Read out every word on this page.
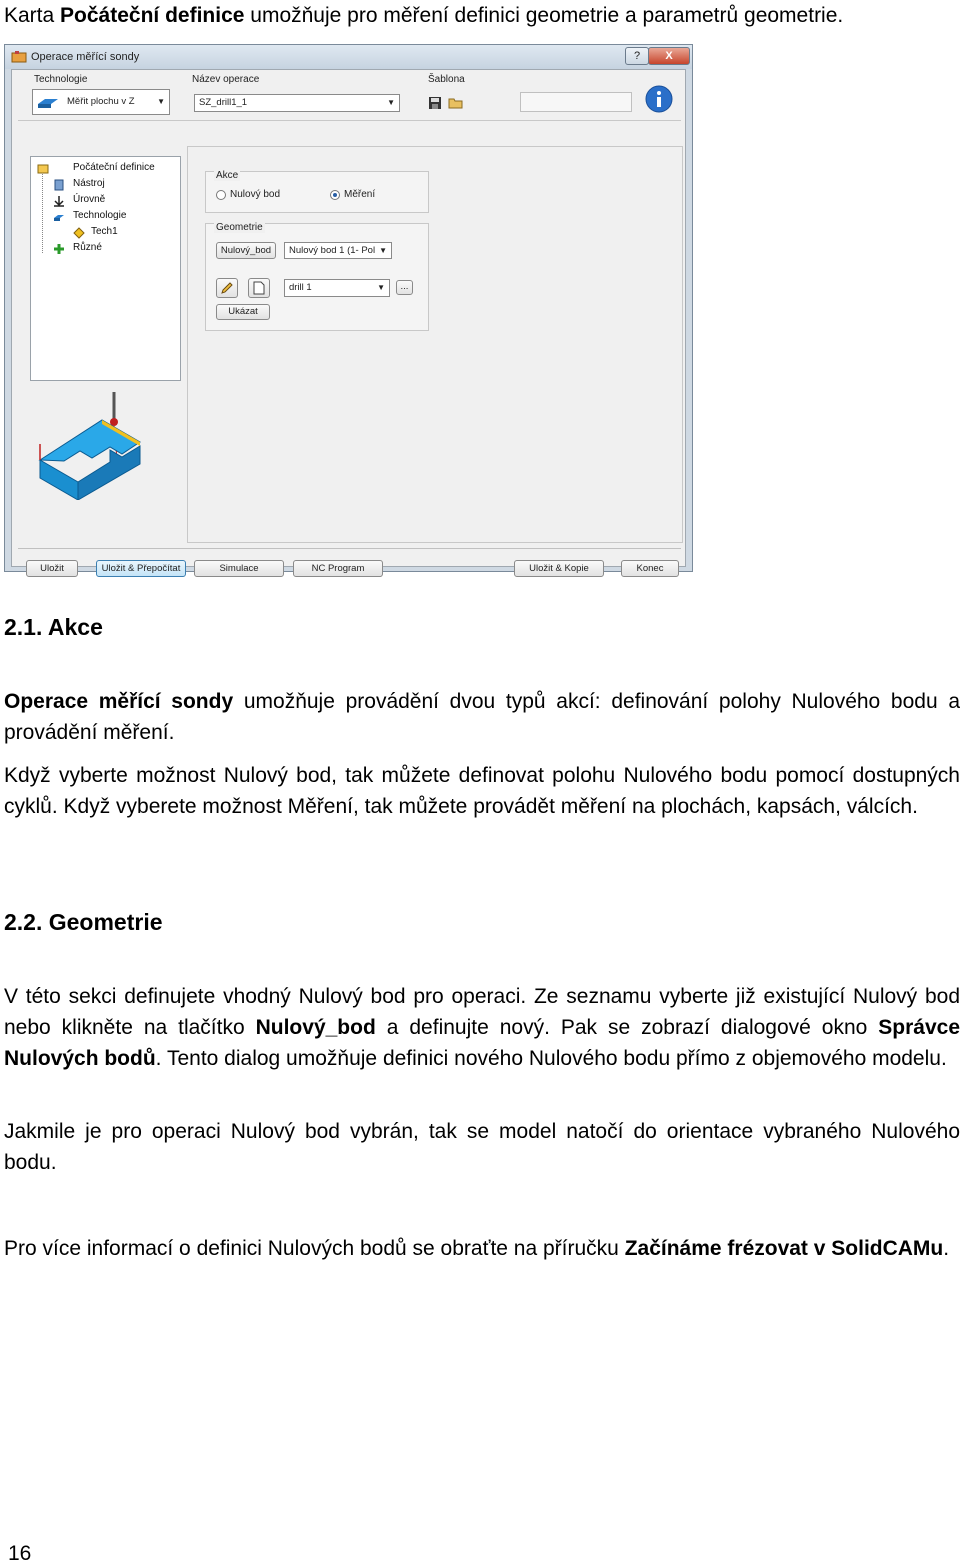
Karta Počáteční definice umožňuje pro měření definici geometrie a parametrů geometrie.

Operace měřící sondy	?	X
Technologie
Měřit plochu v Z	▼
Název operace
SZ_drill1_1	▼
Šablona
Počáteční definice
Nástroj
Úrovně
Technologie
Tech1
Různé
Akce
Nulový bod	Měření
Geometrie
Nulový_bod	Nulový bod 1 (1- Pol ▼
drill 1	▼	...
Ukázat
Uložit	Uložit & Přepočítat	Simulace	NC Program	Uložit & Kopie	Konec
2.1. Akce

Operace měřící sondy umožňuje provádění dvou typů akcí: definování polohy Nulového bodu a provádění měření.

Když vyberte možnost Nulový bod, tak můžete definovat polohu Nulového bodu pomocí dostupných cyklů. Když vyberete možnost Měření, tak můžete provádět měření na plochách, kapsách, válcích.

2.2. Geometrie

V této sekci definujete vhodný Nulový bod pro operaci. Ze seznamu vyberte již existující Nulový bod nebo klikněte na tlačítko Nulový_bod a definujte nový. Pak se zobrazí dialogové okno Správce Nulových bodů. Tento dialog umožňuje definici nového Nulového bodu přímo z objemového modelu.

Jakmile je pro operaci Nulový bod vybrán, tak se model natočí do orientace vybraného Nulového bodu.

Pro více informací o definici Nulových bodů se obraťte na příručku Začínáme frézovat v SolidCAMu.

16
